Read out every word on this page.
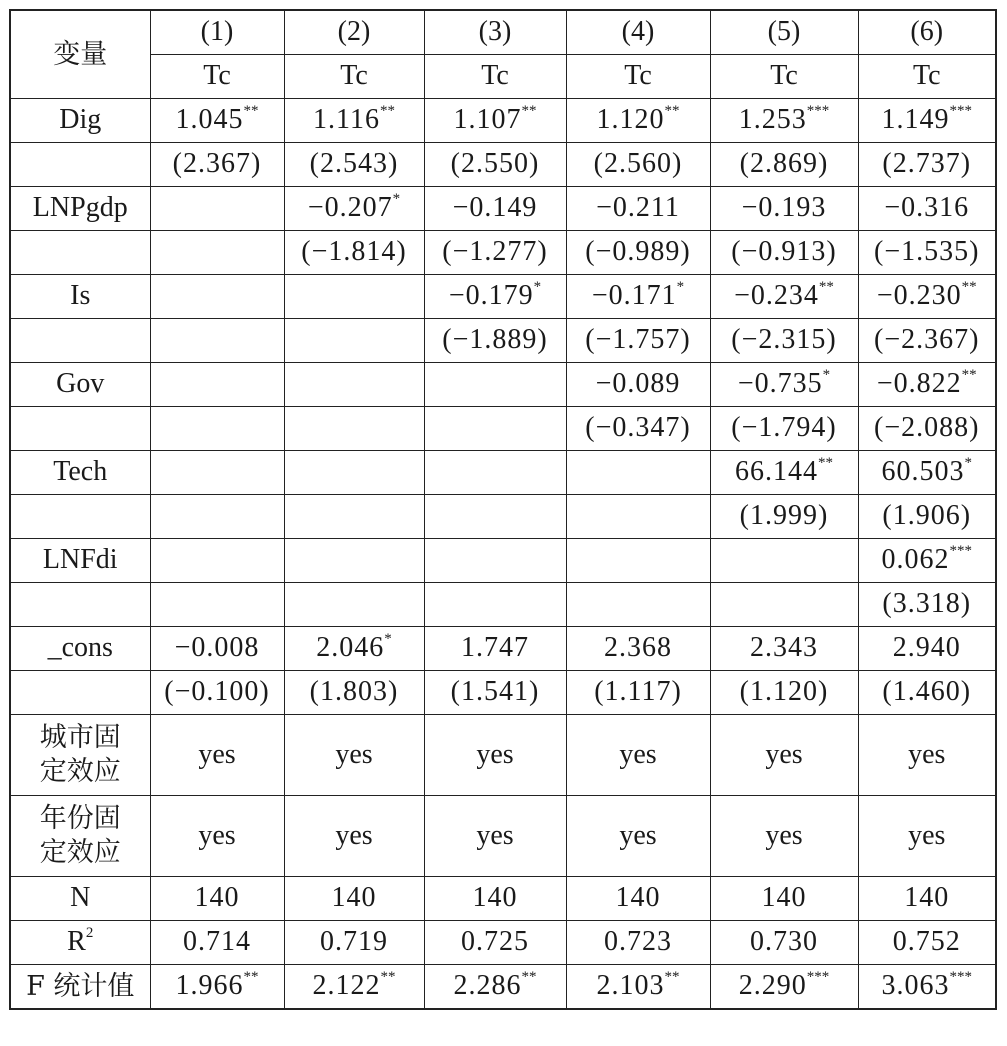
变量	(1)	(2)	(3)	(4)	(5)	(6)
	Tc	Tc	Tc	Tc	Tc	Tc
Dig	1.045**	1.116**	1.107**	1.120**	1.253***	1.149***
	(2.367)	(2.543)	(2.550)	(2.560)	(2.869)	(2.737)
LNPgdp		−0.207*	−0.149	−0.211	−0.193	−0.316
		(−1.814)	(−1.277)	(−0.989)	(−0.913)	(−1.535)
Is			−0.179*	−0.171*	−0.234**	−0.230**
			(−1.889)	(−1.757)	(−2.315)	(−2.367)
Gov				−0.089	−0.735*	−0.822**
				(−0.347)	(−1.794)	(−2.088)
Tech					66.144**	60.503*
					(1.999)	(1.906)
LNFdi						0.062***
						(3.318)
_cons	−0.008	2.046*	1.747	2.368	2.343	2.940
	(−0.100)	(1.803)	(1.541)	(1.117)	(1.120)	(1.460)

城市固
定效应	yes	yes	yes	yes	yes	yes

年份固
定效应	yes	yes	yes	yes	yes	yes
N	140	140	140	140	140	140
$R^2$	0.714	0.719	0.725	0.723	0.730	0.752
F 统计值	1.966**	2.122**	2.286**	2.103**	2.290***	3.063***
